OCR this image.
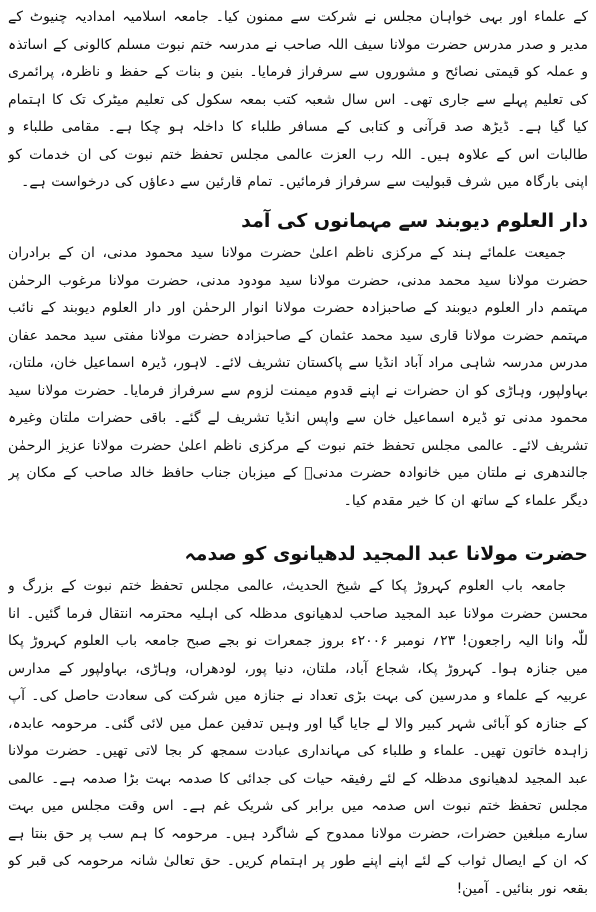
کے علماء اور بہی خواہان مجلس نے شرکت سے ممنون کیا۔ جامعہ اسلامیہ امدادیہ چنیوٹ کے مدیر و صدر مدرس حضرت مولانا سیف اللہ صاحب نے مدرسہ ختم نبوت مسلم کالونی کے اساتذہ و عملہ کو قیمتی نصائح و مشوروں سے سرفراز فرمایا۔ بنین و بنات کے حفظ و ناظرہ، پرائمری کی تعلیم پہلے سے جاری تھی۔ اس سال شعبہ کتب بمعہ سکول کی تعلیم میٹرک تک کا اہتمام کیا گیا ہے۔ ڈیڑھ صد قرآنی و کتابی کے مسافر طلباء کا داخلہ ہو چکا ہے۔ مقامی طلباء و طالبات اس کے علاوہ ہیں۔ اللہ رب العزت عالمی مجلس تحفظ ختم نبوت کی ان خدمات کو اپنی بارگاہ میں شرف قبولیت سے سرفراز فرمائیں۔ تمام قارئین سے دعاؤں کی درخواست ہے۔

دار العلوم دیوبند سے مہمانوں کی آمد

جمیعت علمائے ہند کے مرکزی ناظم اعلیٰ حضرت مولانا سید محمود مدنی، ان کے برادران حضرت مولانا سید محمد مدنی، حضرت مولانا سید مودود مدنی، حضرت مولانا مرغوب الرحمٰن مہتمم دار العلوم دیوبند کے صاحبزادہ حضرت مولانا انوار الرحمٰن اور دار العلوم دیوبند کے نائب مہتمم حضرت مولانا قاری سید محمد عثمان کے صاحبزادہ حضرت مولانا مفتی سید محمد عفان مدرس مدرسہ شاہی مراد آباد انڈیا سے پاکستان تشریف لائے۔ لاہور، ڈیرہ اسماعیل خان، ملتان، بہاولپور، وہاڑی کو ان حضرات نے اپنے قدوم میمنت لزوم سے سرفراز فرمایا۔ حضرت مولانا سید محمود مدنی تو ڈیرہ اسماعیل خان سے واپس انڈیا تشریف لے گئے۔ باقی حضرات ملتان وغیرہ تشریف لائے۔ عالمی مجلس تحفظ ختم نبوت کے مرکزی ناظم اعلیٰ حضرت مولانا عزیز الرحمٰن جالندھری نے ملتان میں خانوادہ حضرت مدنیؒ کے میزبان جناب حافظ خالد صاحب کے مکان پر دیگر علماء کے ساتھ ان کا خیر مقدم کیا۔

حضرت مولانا عبد المجید لدھیانوی کو صدمہ

جامعہ باب العلوم کہروڑ پکا کے شیخ الحدیث، عالمی مجلس تحفظ ختم نبوت کے بزرگ و محسن حضرت مولانا عبد المجید صاحب لدھیانوی مدظلہ کی اہلیہ محترمہ انتقال فرما گئیں۔ انا للّٰہ وانا الیہ راجعون! ۲۳؍ نومبر ۲۰۰۶ء بروز جمعرات نو بجے صبح جامعہ باب العلوم کہروڑ پکا میں جنازہ ہوا۔ کہروڑ پکا، شجاع آباد، ملتان، دنیا پور، لودھراں، وہاڑی، بہاولپور کے مدارس عربیہ کے علماء و مدرسین کی بہت بڑی تعداد نے جنازہ میں شرکت کی سعادت حاصل کی۔ آپ کے جنازہ کو آبائی شہر کبیر والا لے جایا گیا اور وہیں تدفین عمل میں لائی گئی۔ مرحومہ عابدہ، زاہدہ خاتون تھیں۔ علماء و طلباء کی مہانداری عبادت سمجھ کر بجا لاتی تھیں۔ حضرت مولانا عبد المجید لدھیانوی مدظلہ کے لئے رفیقہ حیات کی جدائی کا صدمہ بہت بڑا صدمہ ہے۔ عالمی مجلس تحفظ ختم نبوت اس صدمہ میں برابر کی شریک غم ہے۔ اس وقت مجلس میں بہت سارے مبلغین حضرات، حضرت مولانا ممدوح کے شاگرد ہیں۔ مرحومہ کا ہم سب پر حق بنتا ہے کہ ان کے ایصال ثواب کے لئے اپنے اپنے طور پر اہتمام کریں۔ حق تعالیٰ شانہ مرحومہ کی قبر کو بقعہ نور بنائیں۔ آمین!
